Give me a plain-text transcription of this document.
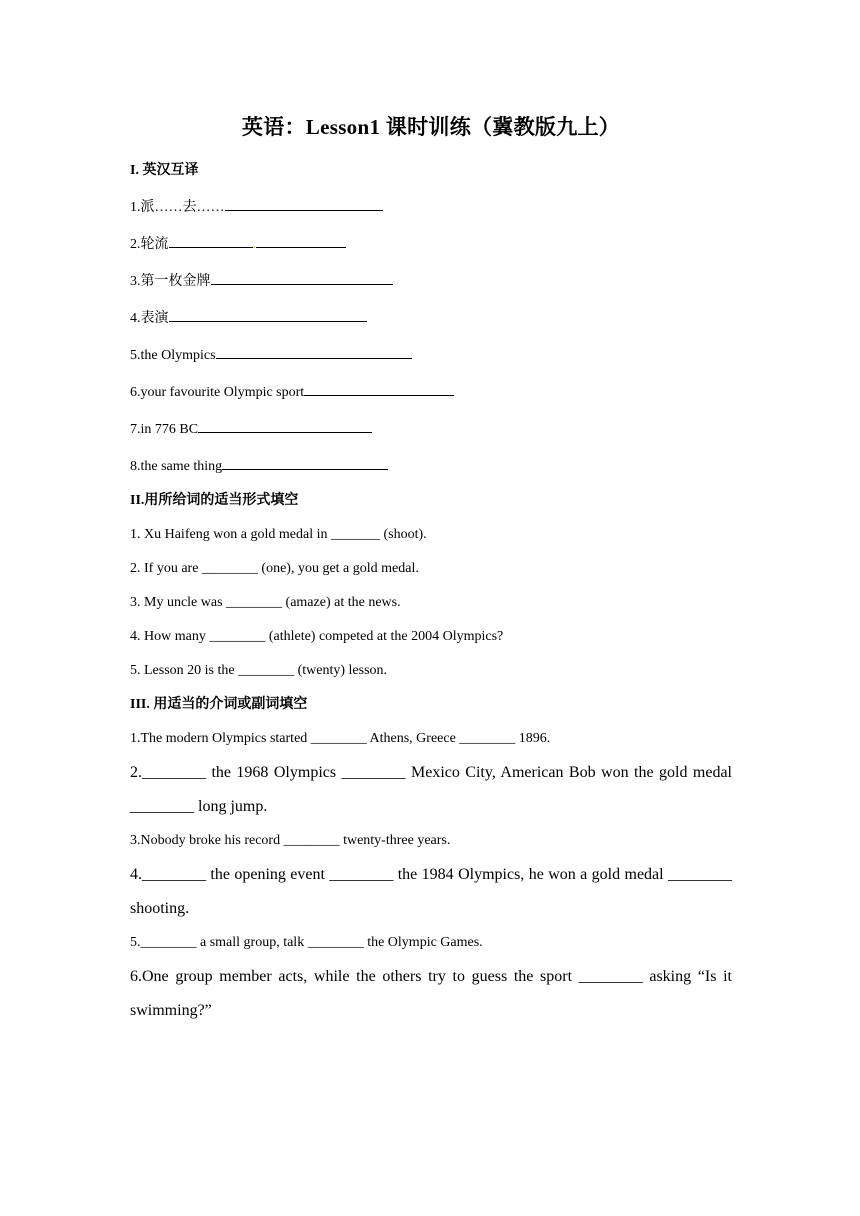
英语：Lesson1 课时训练（冀教版九上）
I. 英汉互译
1.派……去……
2.轮流	.
3.第一枚金牌
4.表演
5.the Olympics
6.your favourite Olympic sport
7.in 776 BC
8.the same thing
II.用所给词的适当形式填空
1. Xu Haifeng won a gold medal in _______ (shoot).
2. If you are ________ (one), you get a gold medal.
3. My uncle was ________ (amaze) at the news.
4. How many ________ (athlete) competed at the 2004 Olympics?
5. Lesson 20 is the ________ (twenty) lesson.
III. 用适当的介词或副词填空
1.The modern Olympics started ________ Athens, Greece ________ 1896.
2.________ the 1968 Olympics ________ Mexico City, American Bob won the gold medal
________ long jump.
3.Nobody broke his record ________ twenty-three years.
4.________ the opening event ________ the 1984 Olympics, he won a gold medal ________
shooting.
5.________ a small group, talk ________ the Olympic Games.
6.One group member acts, while the others try to guess the sport ________ asking “Is it
swimming?”
